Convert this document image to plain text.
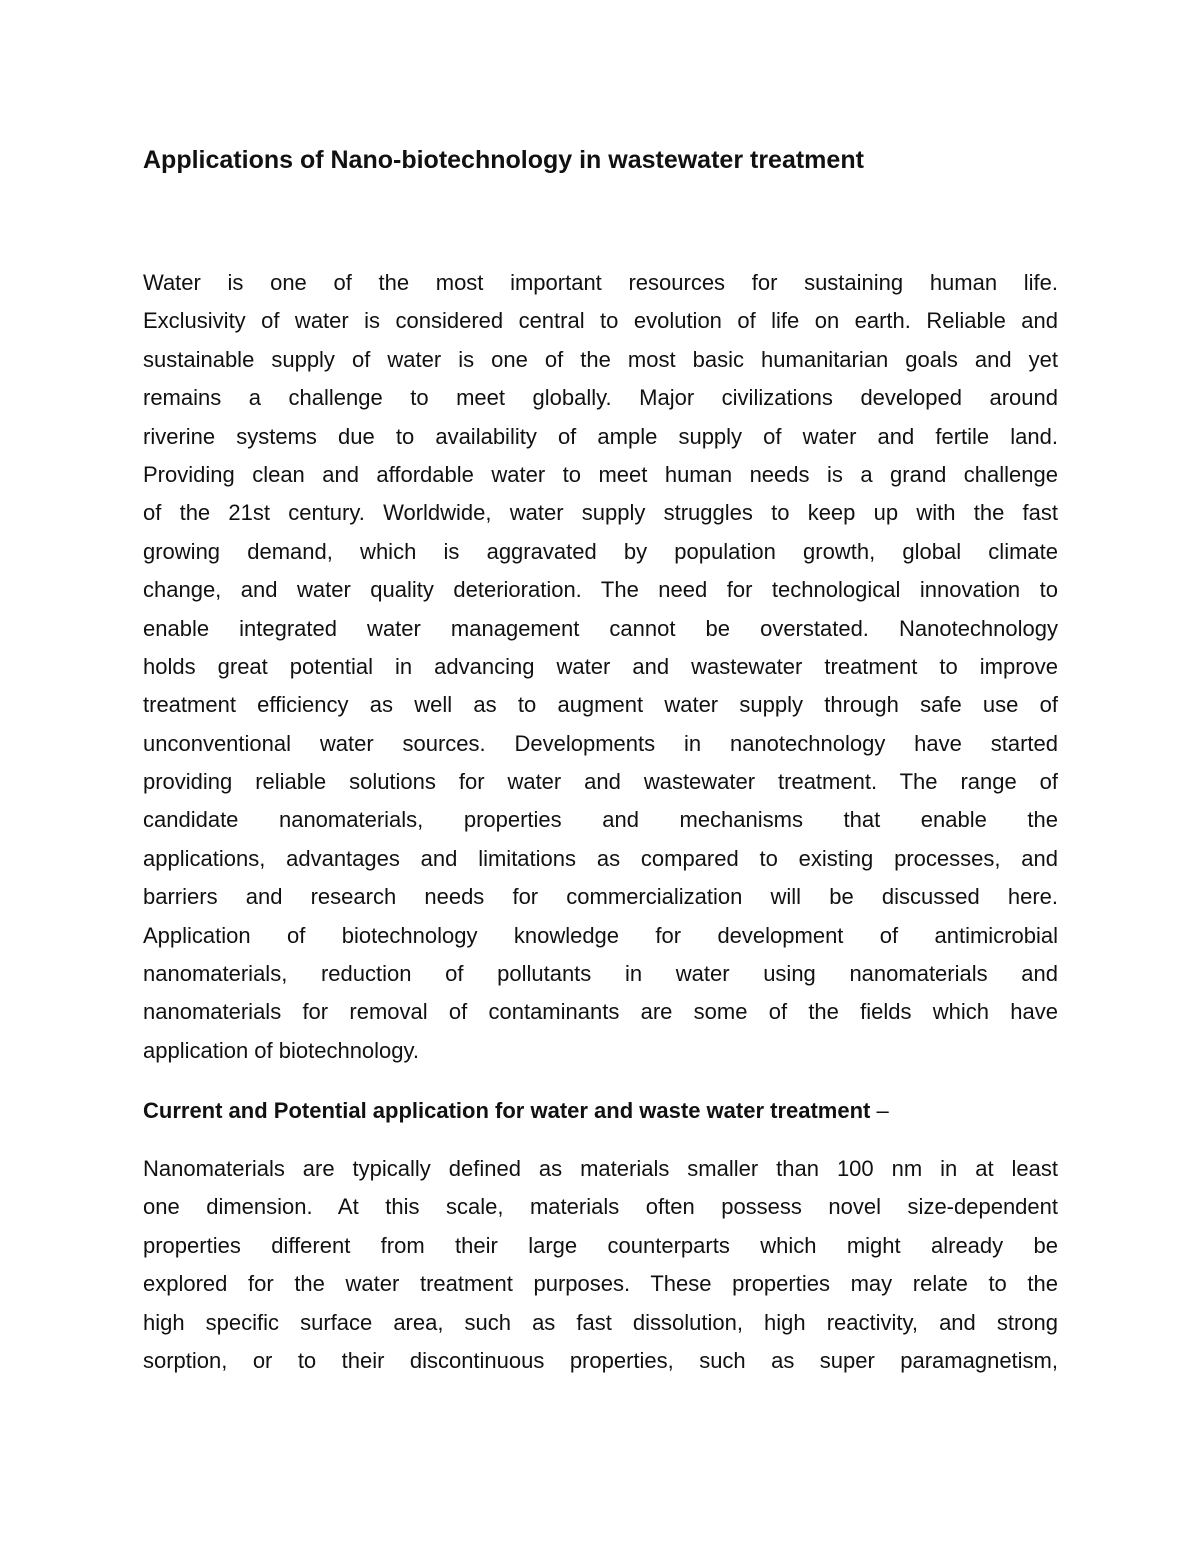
Applications of Nano-biotechnology in wastewater treatment
Water is one of the most important resources for sustaining human life.
Exclusivity of water is considered central to evolution of life on earth. Reliable and
sustainable supply of water is one of the most basic humanitarian goals and yet
remains a challenge to meet globally. Major civilizations developed around
riverine systems due to availability of ample supply of water and fertile land.
Providing clean and affordable water to meet human needs is a grand challenge
of the 21st century. Worldwide, water supply struggles to keep up with the fast
growing demand, which is aggravated by population growth, global climate
change, and water quality deterioration. The need for technological innovation to
enable integrated water management cannot be overstated. Nanotechnology
holds great potential in advancing water and wastewater treatment to improve
treatment efficiency as well as to augment water supply through safe use of
unconventional water sources. Developments in nanotechnology have started
providing reliable solutions for water and wastewater treatment. The range of
candidate nanomaterials, properties and mechanisms that enable the
applications, advantages and limitations as compared to existing processes, and
barriers and research needs for commercialization will be discussed here.
Application of biotechnology knowledge for development of antimicrobial
nanomaterials, reduction of pollutants in water using nanomaterials and
nanomaterials for removal of contaminants are some of the fields which have
application of biotechnology.

Current and Potential application for water and waste water treatment –

Nanomaterials are typically defined as materials smaller than 100 nm in at least
one dimension. At this scale, materials often possess novel size-dependent
properties different from their large counterparts which might already be
explored for the water treatment purposes. These properties may relate to the
high specific surface area, such as fast dissolution, high reactivity, and strong
sorption, or to their discontinuous properties, such as super paramagnetism,
